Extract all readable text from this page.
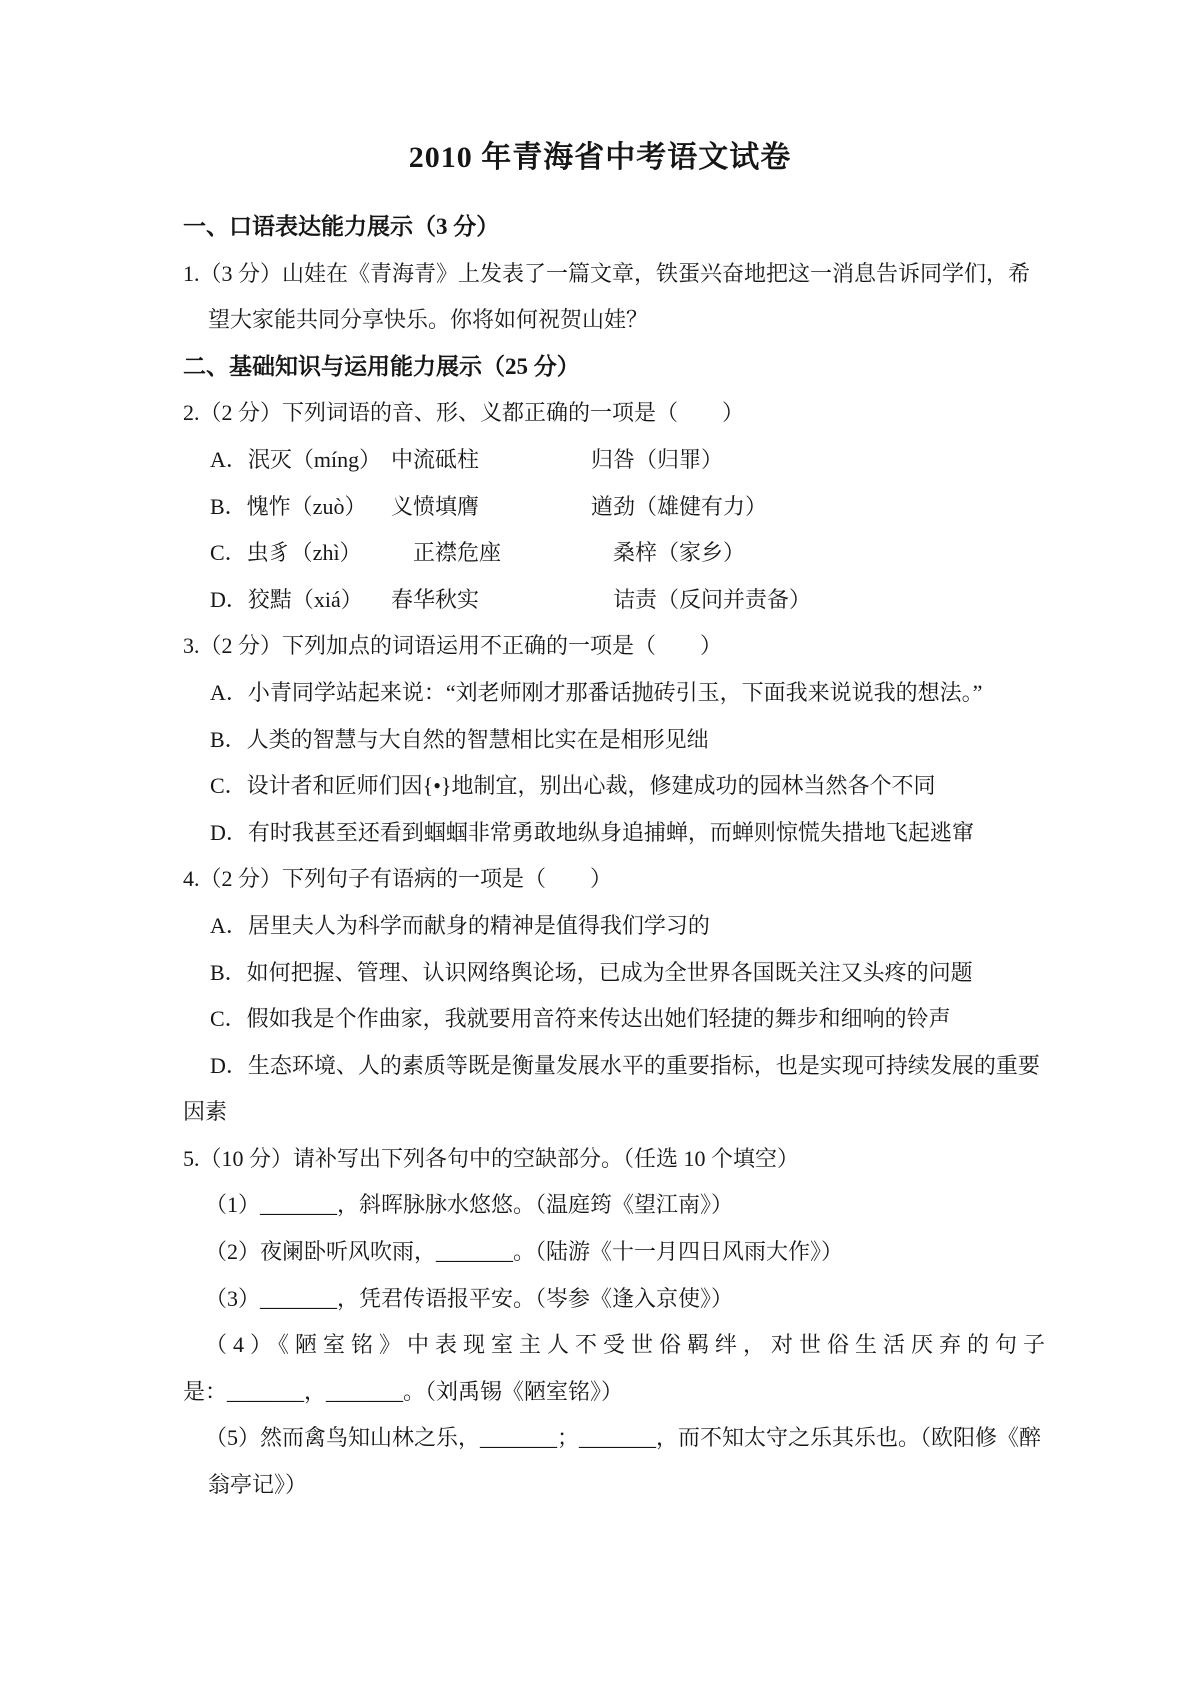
2010 年青海省中考语文试卷
一、口语表达能力展示（3 分）
1.（3 分）山娃在《青海青》上发表了一篇文章，铁蛋兴奋地把这一消息告诉同学们，希
望大家能共同分享快乐。你将如何祝贺山娃？
二、基础知识与运用能力展示（25 分）
2.（2 分）下列词语的音、形、义都正确的一项是（　　）
A．泯灭（míng） 中流砥柱	归咎（归罪）
B．愧怍（zuò） 义愤填膺	遒劲（雄健有力）
C．虫豸（zhì）　正襟危座	　桑梓（家乡）
D．狡黠（xiá） 春华秋实	　诘责（反问并责备）
3.（2 分）下列加点的词语运用不正确的一项是（　　）
A．小青同学站起来说：“刘老师刚才那番话抛砖引玉，下面我来说说我的想法。”
B．人类的智慧与大自然的智慧相比实在是相形见绌
C．设计者和匠师们因{•}地制宜，别出心裁，修建成功的园林当然各个不同
D．有时我甚至还看到蝈蝈非常勇敢地纵身追捕蝉，而蝉则惊慌失措地飞起逃窜
4.（2 分）下列句子有语病的一项是（　　）
A．居里夫人为科学而献身的精神是值得我们学习的
B．如何把握、管理、认识网络舆论场，已成为全世界各国既关注又头疼的问题
C．假如我是个作曲家，我就要用音符来传达出她们轻捷的舞步和细响的铃声
D．生态环境、人的素质等既是衡量发展水平的重要指标，也是实现可持续发展的重要
因素
5.（10 分）请补写出下列各句中的空缺部分。（任选 10 个填空）
（1）_______，斜晖脉脉水悠悠。（温庭筠《望江南》）
（2）夜阑卧听风吹雨，_______。（陆游《十一月四日风雨大作》）
（3）_______，凭君传语报平安。（岑参《逢入京使》）
（4）《陋室铭》中表现室主人不受世俗羁绊，对世俗生活厌弃的句子
是：_______，_______。（刘禹锡《陋室铭》）
（5）然而禽鸟知山林之乐，_______；_______，而不知太守之乐其乐也。（欧阳修《醉
翁亭记》）
